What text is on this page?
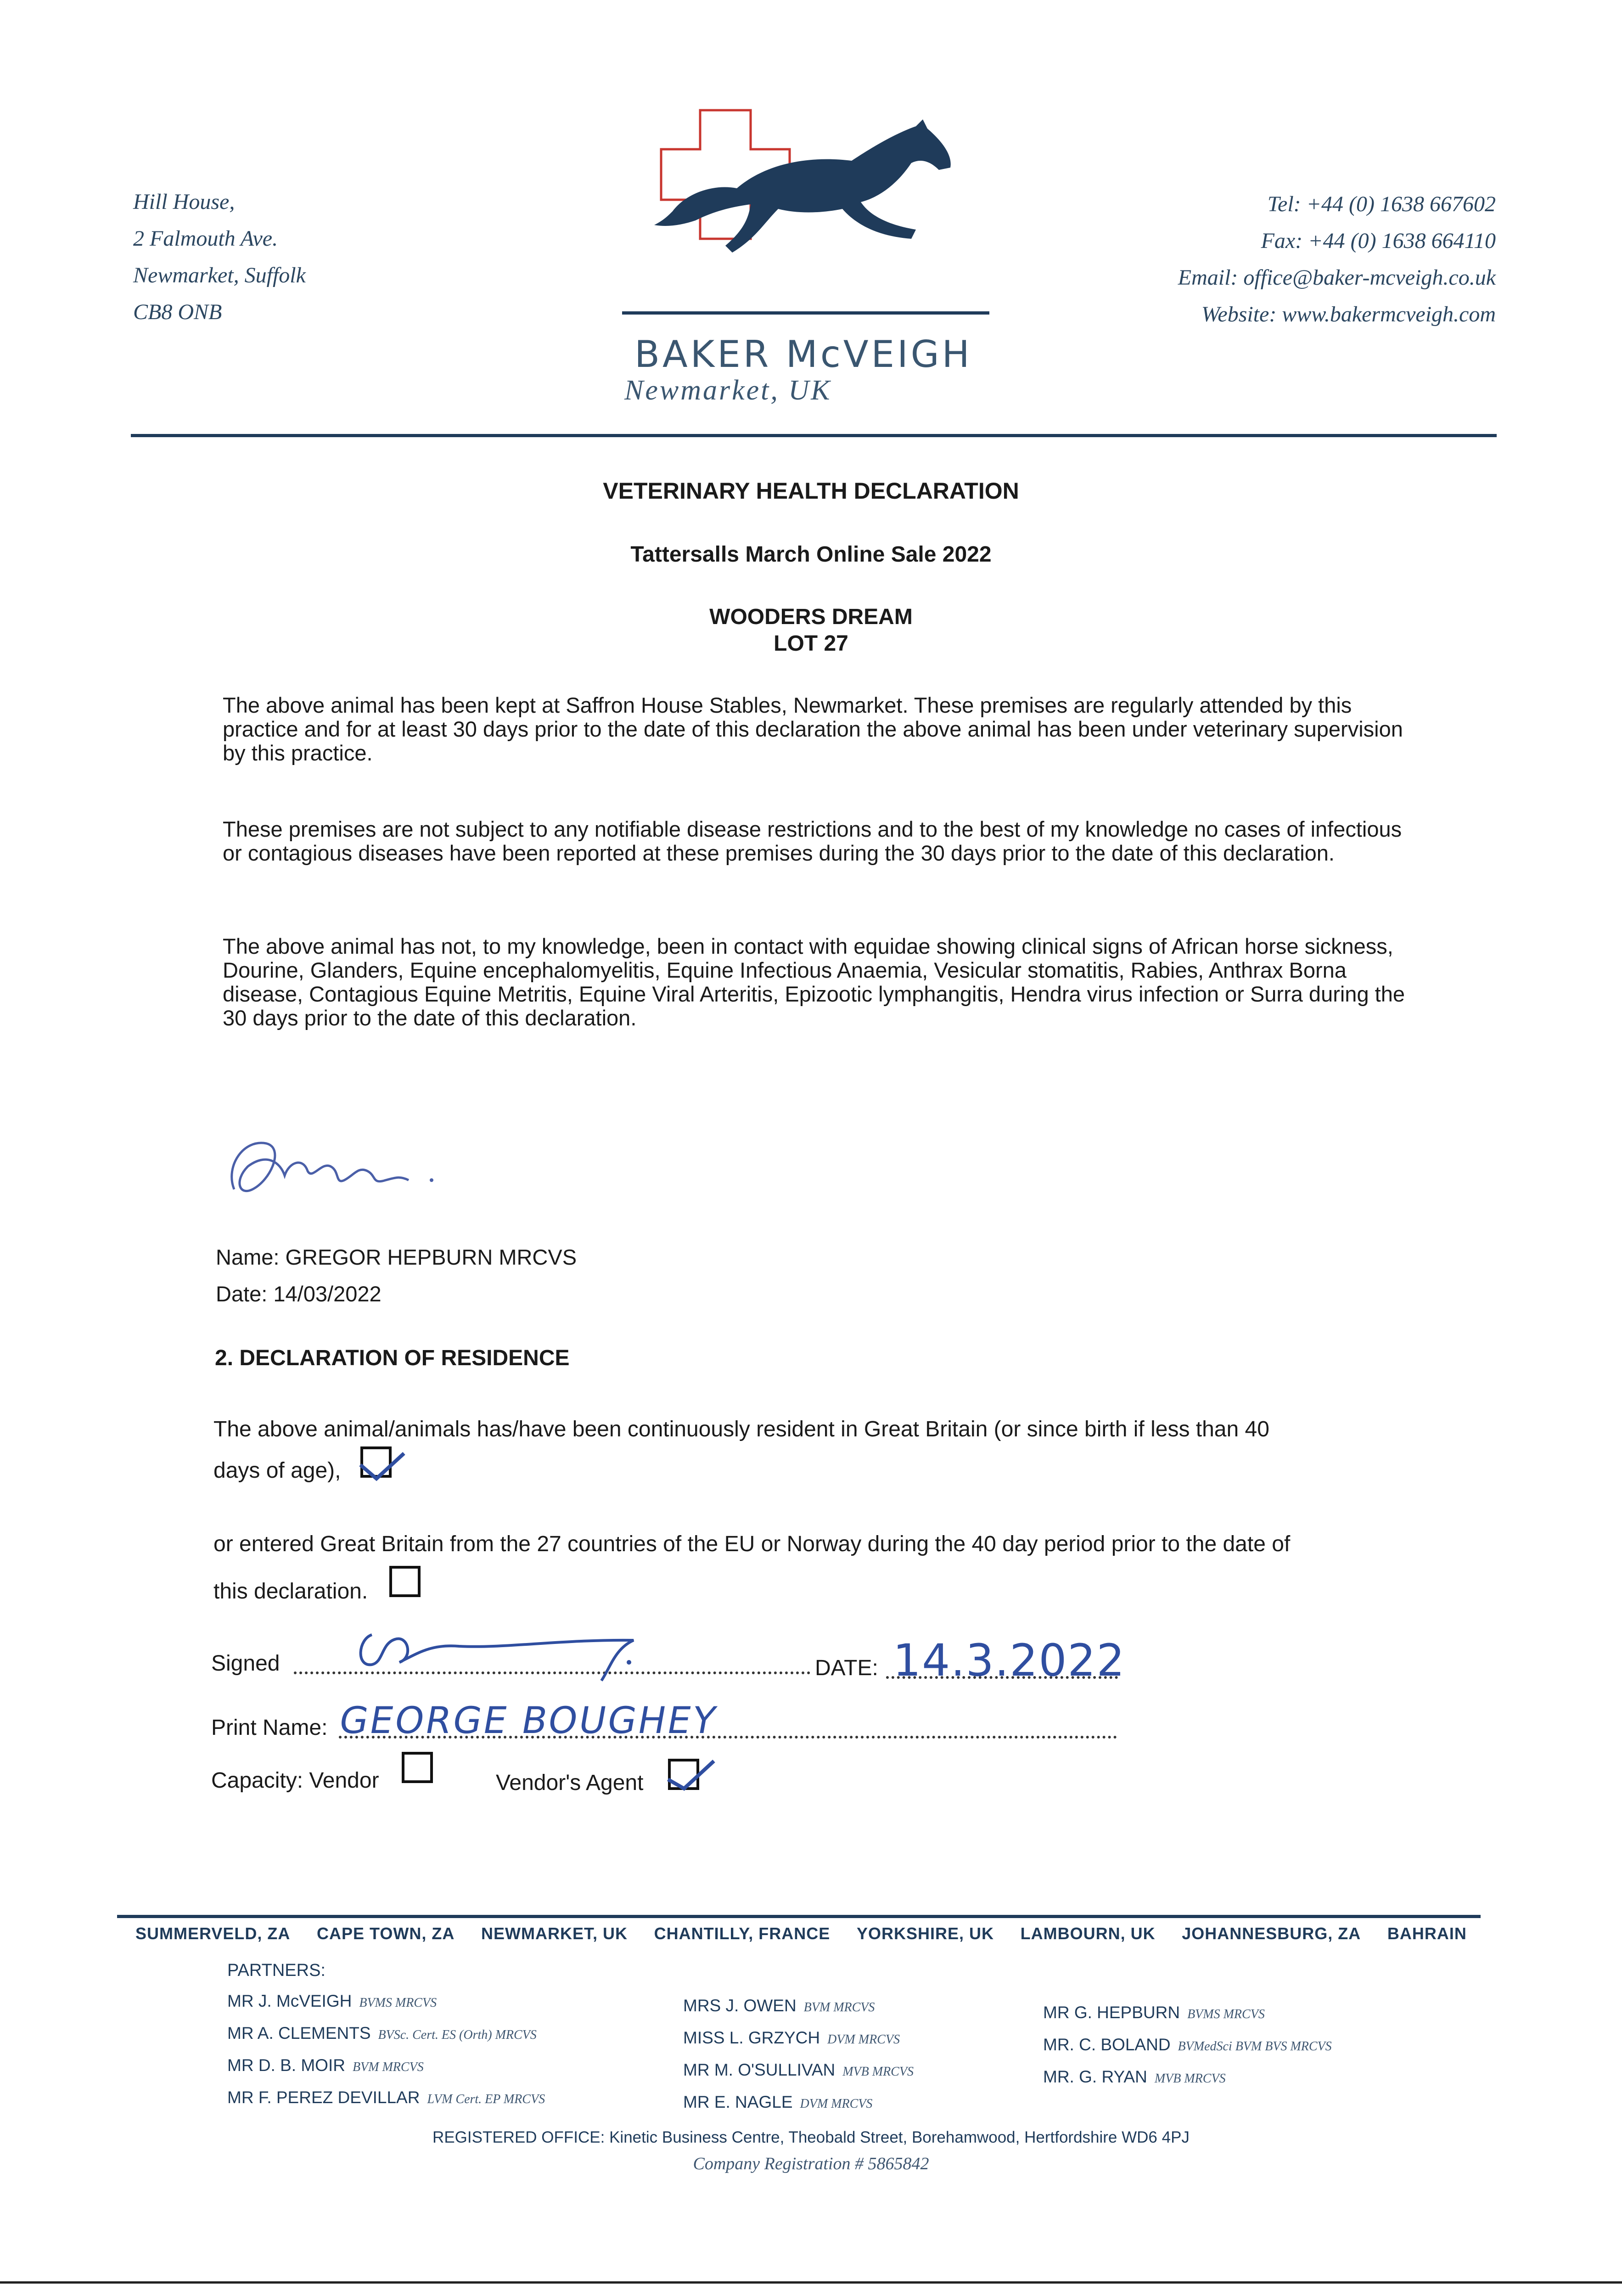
Hill House,
2 Falmouth Ave.
Newmarket, Suffolk
CB8 ONB
BAKER McVEIGH
Newmarket, UK
Tel: +44 (0) 1638 667602
Fax: +44 (0) 1638 664110
Email: office@baker-mcveigh.co.uk
Website: www.bakermcveigh.com
VETERINARY HEALTH DECLARATION
Tattersalls March Online Sale 2022
WOODERS DREAM
LOT 27
The above animal has been kept at Saffron House Stables, Newmarket. These premises are regularly attended by this practice and for at least 30 days prior to the date of this declaration the above animal has been under veterinary supervision by this practice.
These premises are not subject to any notifiable disease restrictions and to the best of my knowledge no cases of infectious or contagious diseases have been reported at these premises during the 30 days prior to the date of this declaration.
The above animal has not, to my knowledge, been in contact with equidae showing clinical signs of African horse sickness, Dourine, Glanders, Equine encephalomyelitis, Equine Infectious Anaemia, Vesicular stomatitis, Rabies, Anthrax Borna disease, Contagious Equine Metritis, Equine Viral Arteritis, Epizootic lymphangitis, Hendra virus infection or Surra during the 30 days prior to the date of this declaration.
Name: GREGOR HEPBURN MRCVS
Date: 14/03/2022
2. DECLARATION OF RESIDENCE
The above animal/animals has/have been continuously resident in Great Britain (or since birth if less than 40
days of age),
or entered Great Britain from the 27 countries of the EU or Norway during the 40 day period prior to the date of
this declaration.
Signed	DATE: 14.3.2022
Print Name: GEORGE BOUGHEY
Capacity: Vendor	Vendor's Agent
SUMMERVELD, ZA CAPE TOWN, ZA NEWMARKET, UK CHANTILLY, FRANCE YORKSHIRE, UK LAMBOURN, UK JOHANNESBURG, ZA BAHRAIN
PARTNERS:
MR J. McVEIGH BVMS MRCVS
MR A. CLEMENTS BVSc. Cert. ES (Orth) MRCVS
MR D. B. MOIR BVM MRCVS
MR F. PEREZ DEVILLAR LVM Cert. EP MRCVS
MRS J. OWEN BVM MRCVS
MISS L. GRZYCH DVM MRCVS
MR M. O'SULLIVAN MVB MRCVS
MR E. NAGLE DVM MRCVS
MR G. HEPBURN BVMS MRCVS
MR. C. BOLAND BVMedSci BVM BVS MRCVS
MR. G. RYAN MVB MRCVS
REGISTERED OFFICE: Kinetic Business Centre, Theobald Street, Borehamwood, Hertfordshire WD6 4PJ
Company Registration # 5865842
